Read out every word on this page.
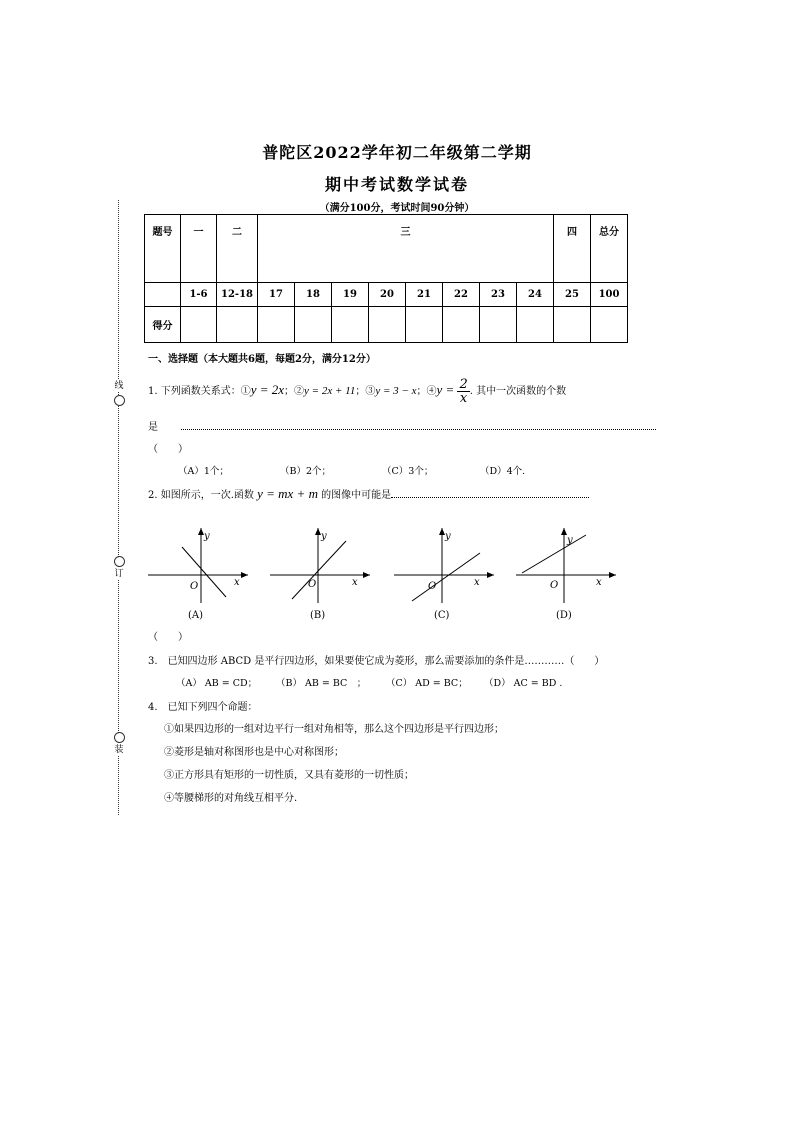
普陀区2022学年初二年级第二学期
期中考试数学试卷
（满分100分，考试时间90分钟）
线
订
装
题号	一	二	三								四	总分
	1-6	12-18	17	18	19	20	21	22	23	24	25	100
得分												
一、选择题（本大题共6题，每题2分，满分12分）
1. 下列函数关系式：①y = 2x；②y = 2x + 11；③y = 3 − x；④y = $\frac{2}{x}$ . 其中一次函数的个数
是
（　　）
（A）1个；	（B）2个；	（C）3个；	（D）4个.
2. 如图所示，一次.函数 y = mx + m 的图像中可能是
y
x
O
y
x
O
y
x
O
y
x
O
(A)	(B)	(C)	(D)
（　　）
3.　已知四边形 ABCD 是平行四边形，如果要使它成为菱形，那么需要添加的条件是…………（　　）
（A） AB = CD； （B） AB = BC　； （C） AD = BC； （D） AC = BD .
4.　已知下列四个命题：
①如果四边形的一组对边平行一组对角相等，那么这个四边形是平行四边形；
②菱形是轴对称图形也是中心对称图形；
③正方形具有矩形的一切性质，又具有菱形的一切性质；
④等腰梯形的对角线互相平分.
